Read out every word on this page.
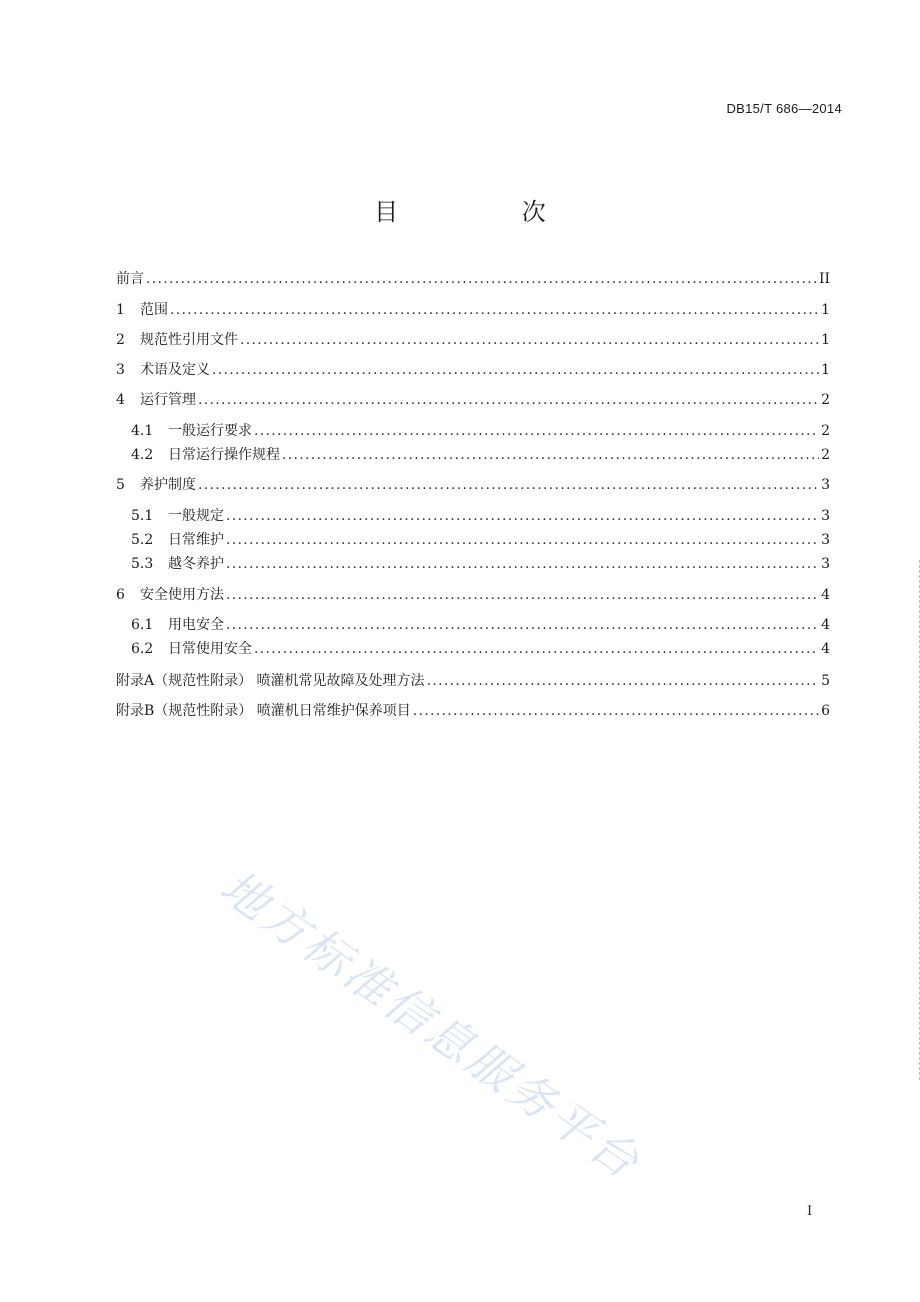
DB15/T 686—2014
目 次
前言 .....	II
1	范围 .....	1
2	规范性引用文件 .....	1
3	术语及定义 .....	1
4	运行管理 .....	2
4.1	一般运行要求 .....	2
4.2	日常运行操作规程 .....	2
5	养护制度 .....	3
5.1	一般规定 .....	3
5.2	日常维护 .....	3
5.3	越冬养护 .....	3
6	安全使用方法 .....	4
6.1	用电安全 .....	4
6.2	日常使用安全 .....	4
附录A（规范性附录） 喷灌机常见故障及处理方法 .....	5
附录B（规范性附录） 喷灌机日常维护保养项目 .....	6
地方标准信息服务平台
I
